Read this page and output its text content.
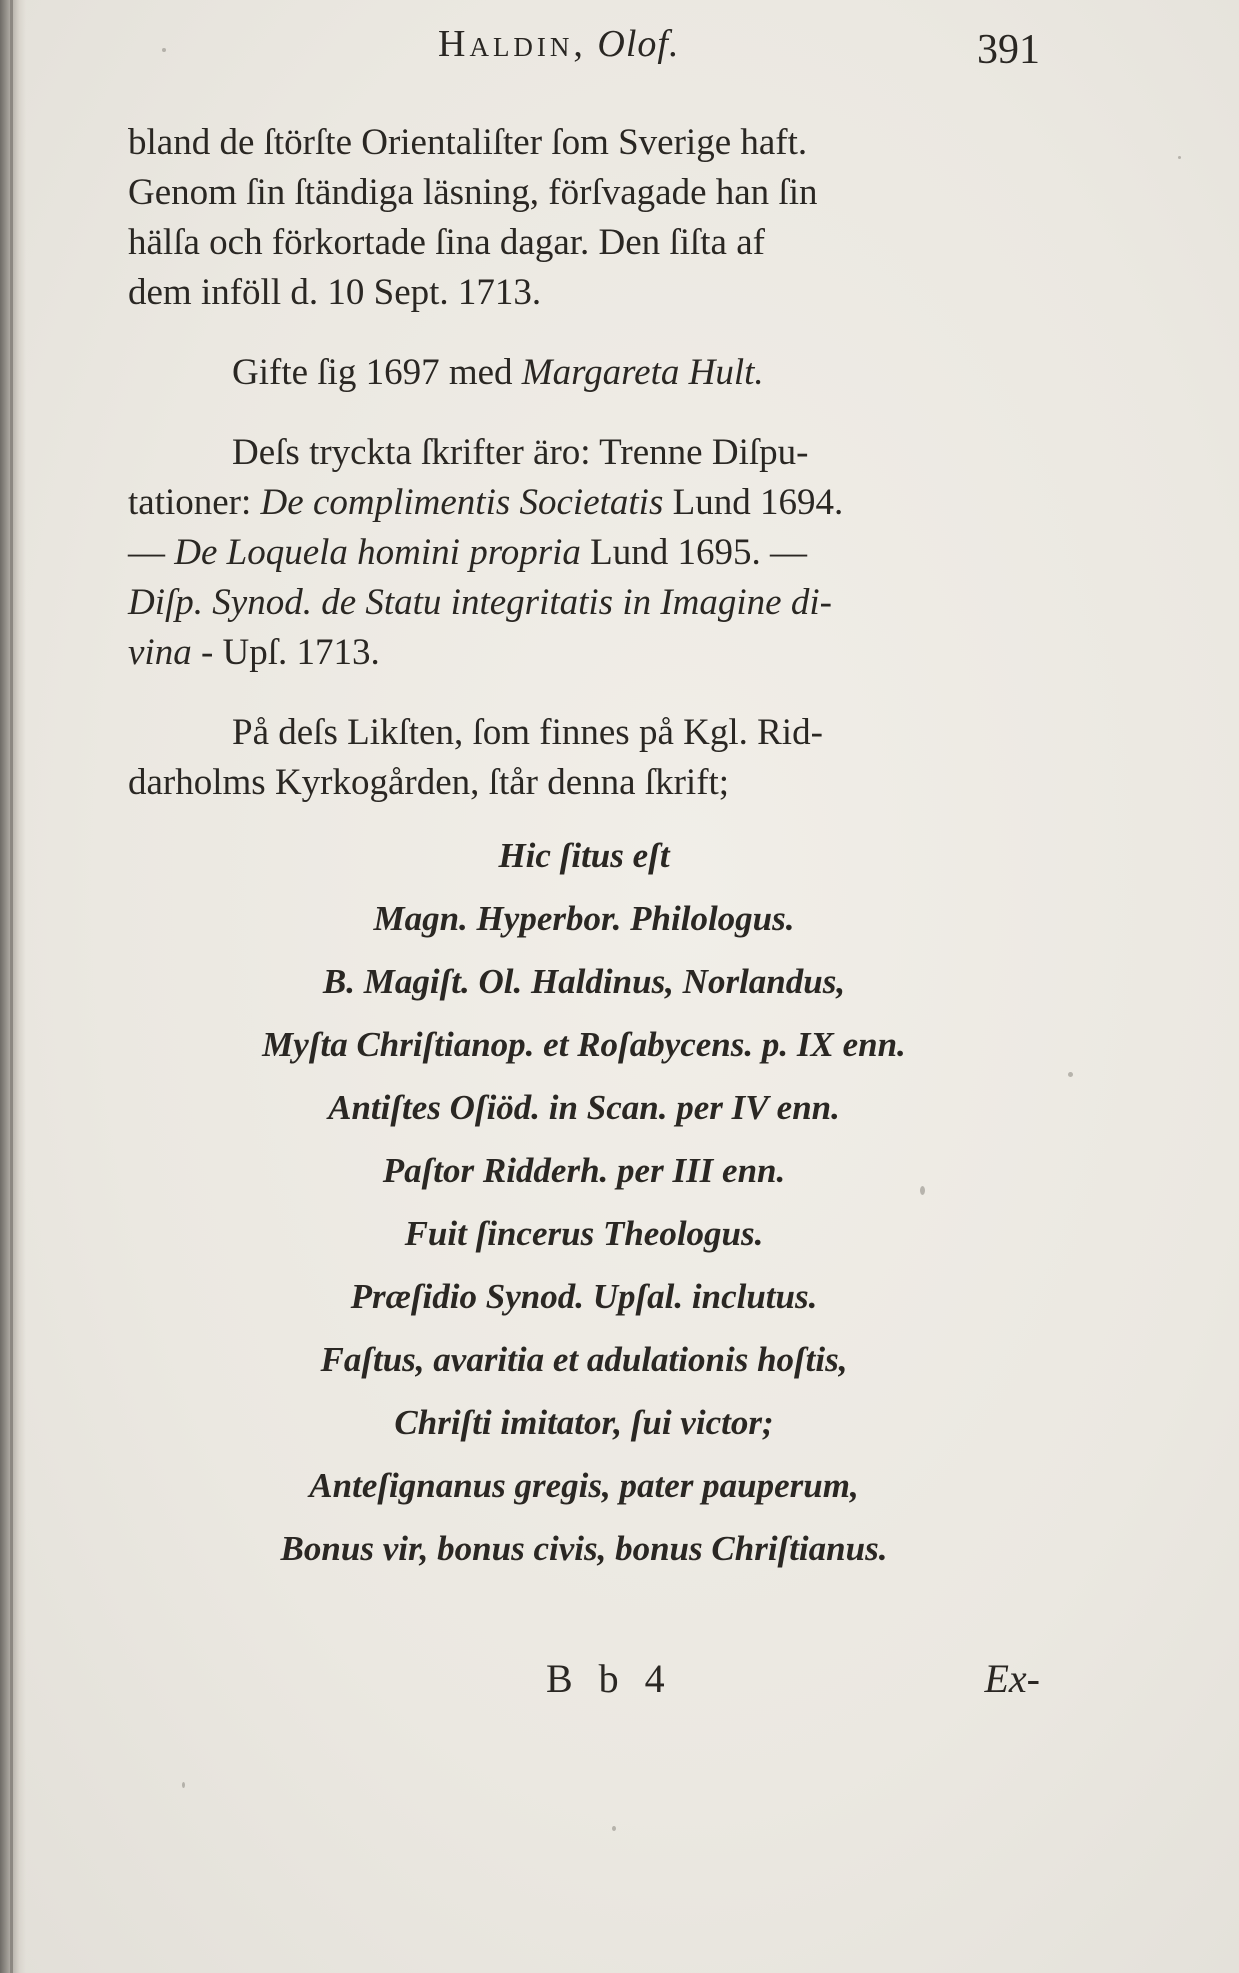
Haldin, Olof.	391
bland de ſtörſte Orientaliſter ſom Sverige haft.
Genom ſin ſtändiga läsning, förſvagade han ſin
hälſa och förkortade ſina dagar. Den ſiſta af
dem inföll d. 10 Sept. 1713.
Gifte ſig 1697 med Margareta Hult.
Deſs tryckta ſkrifter äro: Trenne Diſpu-
tationer: De complimentis Societatis Lund 1694.
— De Loquela homini propria Lund 1695. —
Diſp. Synod. de Statu integritatis in Imagine di-
vina - Upſ. 1713.
På deſs Likſten, ſom finnes på Kgl. Rid-
darholms Kyrkogården, ſtår denna ſkrift;
Hic ſitus eſt
Magn. Hyperbor. Philologus.
B. Magiſt. Ol. Haldinus, Norlandus,
Myſta Chriſtianop. et Roſabycens. p. IX enn.
Antiſtes Oſiöd. in Scan. per IV enn.
Paſtor Ridderh. per III enn.
Fuit ſincerus Theologus.
Præſidio Synod. Upſal. inclutus.
Faſtus, avaritia et adulationis hoſtis,
Chriſti imitator, ſui victor;
Anteſignanus gregis, pater pauperum,
Bonus vir, bonus civis, bonus Chriſtianus.
B b 4	Ex-
